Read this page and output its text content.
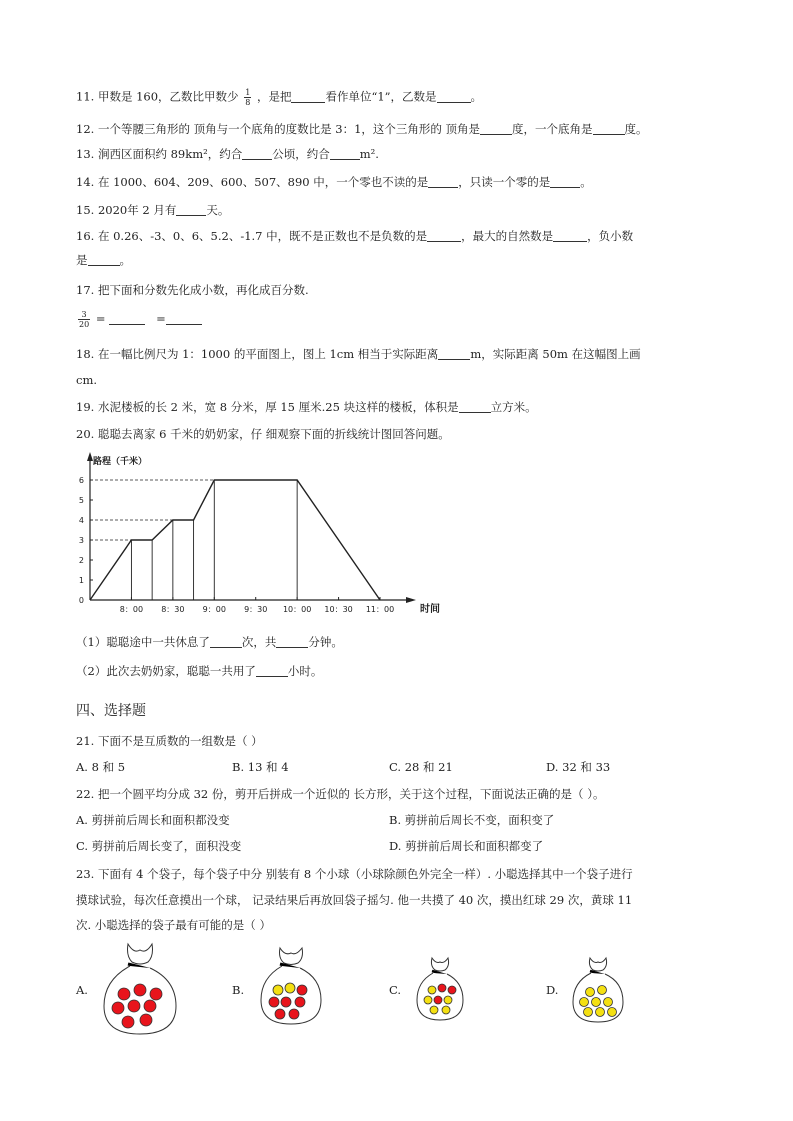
11. 甲数是 160，乙数比甲数少 $\frac{1}{8}$ ，是把	看作单位“1”，乙数是	。
12. 一个等腰三角形的 顶角与一个底角的度数比是 3：1，这个三角形的 顶角是	度，一个底角是	度。
13. 涧西区面积约 89km²，约合	公顷，约合	m².
14. 在 1000、604、209、600、507、890 中，一个零也不读的是	，只读一个零的是	。
15. 2020年 2 月有	天。
16. 在 0.26、-3、0、6、5.2、-1.7 中，既不是正数也不是负数的是	，最大的自然数是	，负小数
是	。
17. 把下面和分数先化成小数，再化成百分数.
$\frac{3}{20}$ =	=
18. 在一幅比例尺为 1：1000 的平面图上，图上 1cm 相当于实际距离	m，实际距离 50m 在这幅图上画
cm.
19. 水泥楼板的长 2 米，宽 8 分米，厚 15 厘米.25 块这样的楼板，体积是	立方米。
20. 聪聪去离家 6 千米的奶奶家，仔 细观察下面的折线统计图回答问题。
0
1
2
3
4
5
6
8：00 8：30 9：00 9：30 10：00 10：30 11：00
路程（千米）
时间
（1）聪聪途中一共休息了	次，共	分钟。
（2）此次去奶奶家，聪聪一共用了	小时。
四、选择题
21. 下面不是互质数的一组数是（ ）
A. 8 和 5	B. 13 和 4	C. 28 和 21	D. 32 和 33
22. 把一个圆平均分成 32 份，剪开后拼成一个近似的 长方形，关于这个过程，下面说法正确的是（ ）。
A. 剪拼前后周长和面积都没变	B. 剪拼前后周长不变，面积变了
C. 剪拼前后周长变了，面积没变	D. 剪拼前后周长和面积都变了
23. 下面有 4 个袋子，每个袋子中分 别装有 8 个小球（小球除颜色外完全一样）. 小聪选择其中一个袋子进行
摸球试验，每次任意摸出一个球， 记录结果后再放回袋子摇匀. 他一共摸了 40 次，摸出红球 29 次，黄球 11
次. 小聪选择的袋子最有可能的是（ ）
A.	B.	C.	D.
